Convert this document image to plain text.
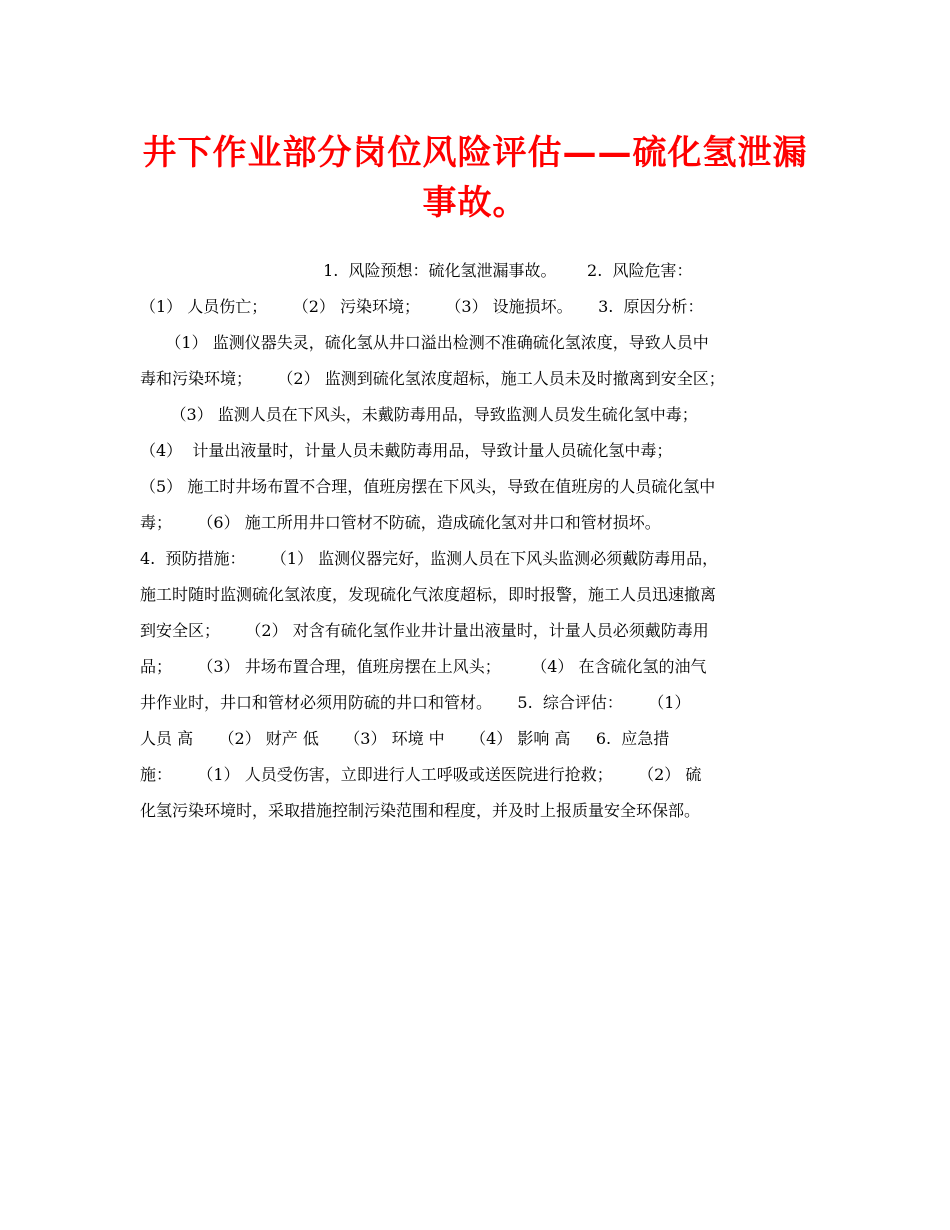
井下作业部分岗位风险评估——硫化氢泄漏
事故。
1.  风险预想：硫化氢泄漏事故。      2.  风险危害：
（1） 人员伤亡；     （2） 污染环境；     （3） 设施损坏。     3.  原因分析：
（1） 监测仪器失灵，硫化氢从井口溢出检测不准确硫化氢浓度，导致人员中
毒和污染环境；     （2） 监测到硫化氢浓度超标，施工人员未及时撤离到安全区；
（3） 监测人员在下风头，未戴防毒用品，导致监测人员发生硫化氢中毒；
（4）  计量出液量时，计量人员未戴防毒用品，导致计量人员硫化氢中毒；
（5） 施工时井场布置不合理，值班房摆在下风头，导致在值班房的人员硫化氢中
毒；     （6） 施工所用井口管材不防硫，造成硫化氢对井口和管材损坏。
4.  预防措施：     （1） 监测仪器完好，监测人员在下风头监测必须戴防毒用品，
施工时随时监测硫化氢浓度，发现硫化气浓度超标，即时报警，施工人员迅速撤离
到安全区；     （2） 对含有硫化氢作业井计量出液量时，计量人员必须戴防毒用
品；     （3） 井场布置合理，值班房摆在上风头；      （4） 在含硫化氢的油气
井作业时，井口和管材必须用防硫的井口和管材。     5.  综合评估：     （1）
人员 高     （2） 财产 低     （3） 环境 中     （4） 影响 高     6.  应急措
施：     （1） 人员受伤害，立即进行人工呼吸或送医院进行抢救；     （2） 硫
化氢污染环境时，采取措施控制污染范围和程度，并及时上报质量安全环保部。
